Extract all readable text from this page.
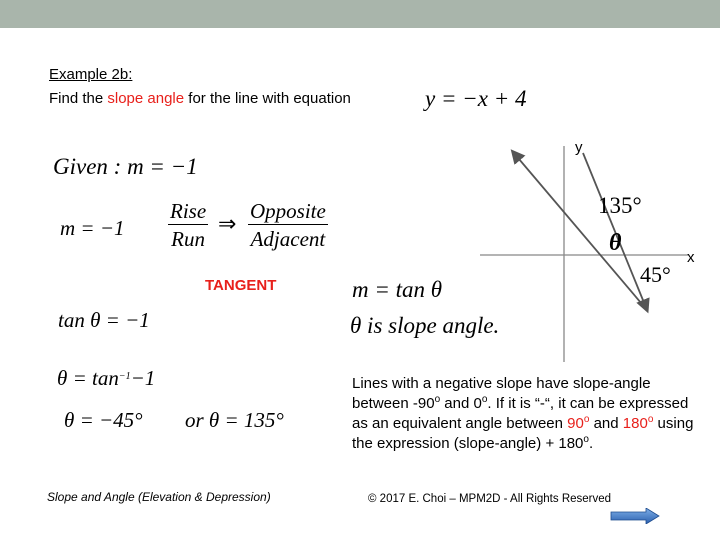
Example 2b:
Find the slope angle for the line with equation	y = −x + 4
Given : m = −1
m = −1
Rise
Run
⇒
Opposite
Adjacent
TANGENT	m = tan θ
θ is slope angle.
tan θ = −1
$\theta = \tan^{-1}-1$
θ = −45° or θ = 135°
y
x
135°
θ
45°
Lines with a negative slope have slope-angle between -90$^o$ and 0$^o$. If it is “-“, it can be expressed as an equivalent angle between 90$^o$ and 180$^o$ using the expression (slope-angle) + $180^o$.
Slope and Angle (Elevation & Depression)	© 2017 E. Choi – MPM2D - All Rights Reserved
